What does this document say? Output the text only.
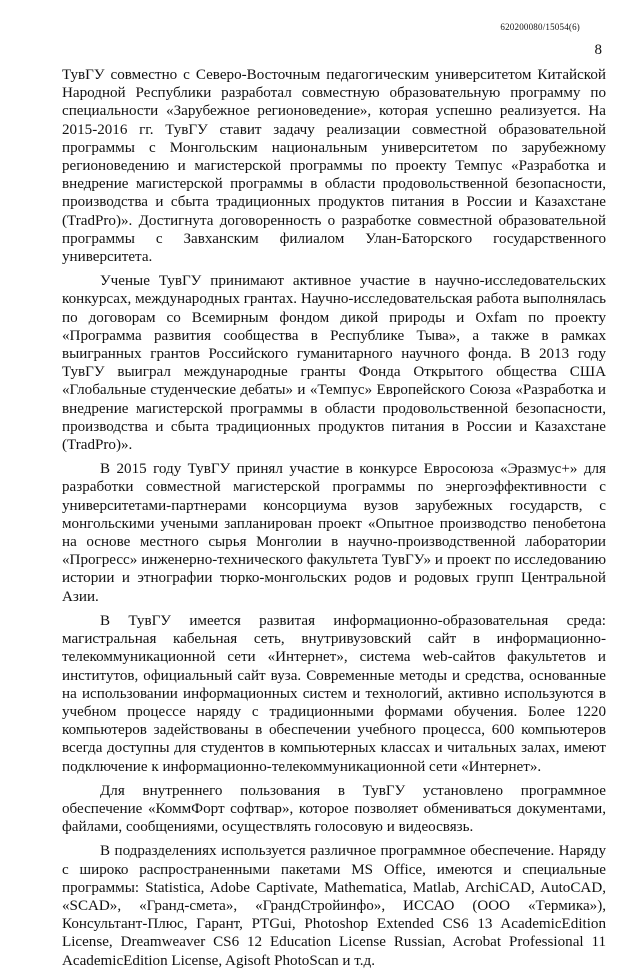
620200080/15054(6)
8

ТувГУ совместно с Северо-Восточным педагогическим университетом Китайской Народной Республики разработал совместную образовательную программу по специальности «Зарубежное регионоведение», которая успешно реализуется. На 2015-2016 гг. ТувГУ ставит задачу реализации совместной образовательной программы с Монгольским национальным университетом по зарубежному регионоведению и магистерской программы по проекту Темпус «Разработка и внедрение магистерской программы в области продовольственной безопасности, производства и сбыта традиционных продуктов питания в России и Казахстане (TradPro)». Достигнута договоренность о разработке совместной образовательной программы с Завханским филиалом Улан-Баторского государственного университета.

Ученые ТувГУ принимают активное участие в научно-исследовательских конкурсах, международных грантах. Научно-исследовательская работа выполнялась по договорам со Всемирным фондом дикой природы и Oxfam по проекту «Программа развития сообщества в Республике Тыва», а также в рамках выигранных грантов Российского гуманитарного научного фонда. В 2013 году ТувГУ выиграл международные гранты Фонда Открытого общества США «Глобальные студенческие дебаты» и «Темпус» Европейского Союза «Разработка и внедрение магистерской программы в области продовольственной безопасности, производства и сбыта традиционных продуктов питания в России и Казахстане (TradPro)».

В 2015 году ТувГУ принял участие в конкурсе Евросоюза «Эразмус+» для разработки совместной магистерской программы по энергоэффективности с университетами-партнерами консорциума вузов зарубежных государств, с монгольскими учеными запланирован проект «Опытное производство пенобетона на основе местного сырья Монголии в научно-производственной лаборатории «Прогресс» инженерно-технического факультета ТувГУ» и проект по исследованию истории и этнографии тюрко-монгольских родов и родовых групп Центральной Азии.

В ТувГУ имеется развитая информационно-образовательная среда: магистральная кабельная сеть, внутривузовский сайт в информационно-телекоммуникационной сети «Интернет», система web-сайтов факультетов и институтов, официальный сайт вуза. Современные методы и средства, основанные на использовании информационных систем и технологий, активно используются в учебном процессе наряду с традиционными формами обучения. Более 1220 компьютеров задействованы в обеспечении учебного процесса, 600 компьютеров всегда доступны для студентов в компьютерных классах и читальных залах, имеют подключение к информационно-телекоммуникационной сети «Интернет».

Для внутреннего пользования в ТувГУ установлено программное обеспечение «КоммФорт софтвар», которое позволяет обмениваться документами, файлами, сообщениями, осуществлять голосовую и видеосвязь.

В подразделениях используется различное программное обеспечение. Наряду с широко распространенными пакетами MS Office, имеются и специальные программы: Statistica, Adobe Captivate, Mathematica, Matlab, ArchiCAD, AutoCAD, «SCAD», «Гранд-смета», «ГрандСтройинфо», ИССАО (ООО «Термика»), Консультант-Плюс, Гарант, PTGui, Photoshop Extended CS6 13 AcademicEdition License, Dreamweaver CS6 12 Education License Russian, Acrobat Professional 11 AcademicEdition License, Agisoft PhotoScan и т.д.
